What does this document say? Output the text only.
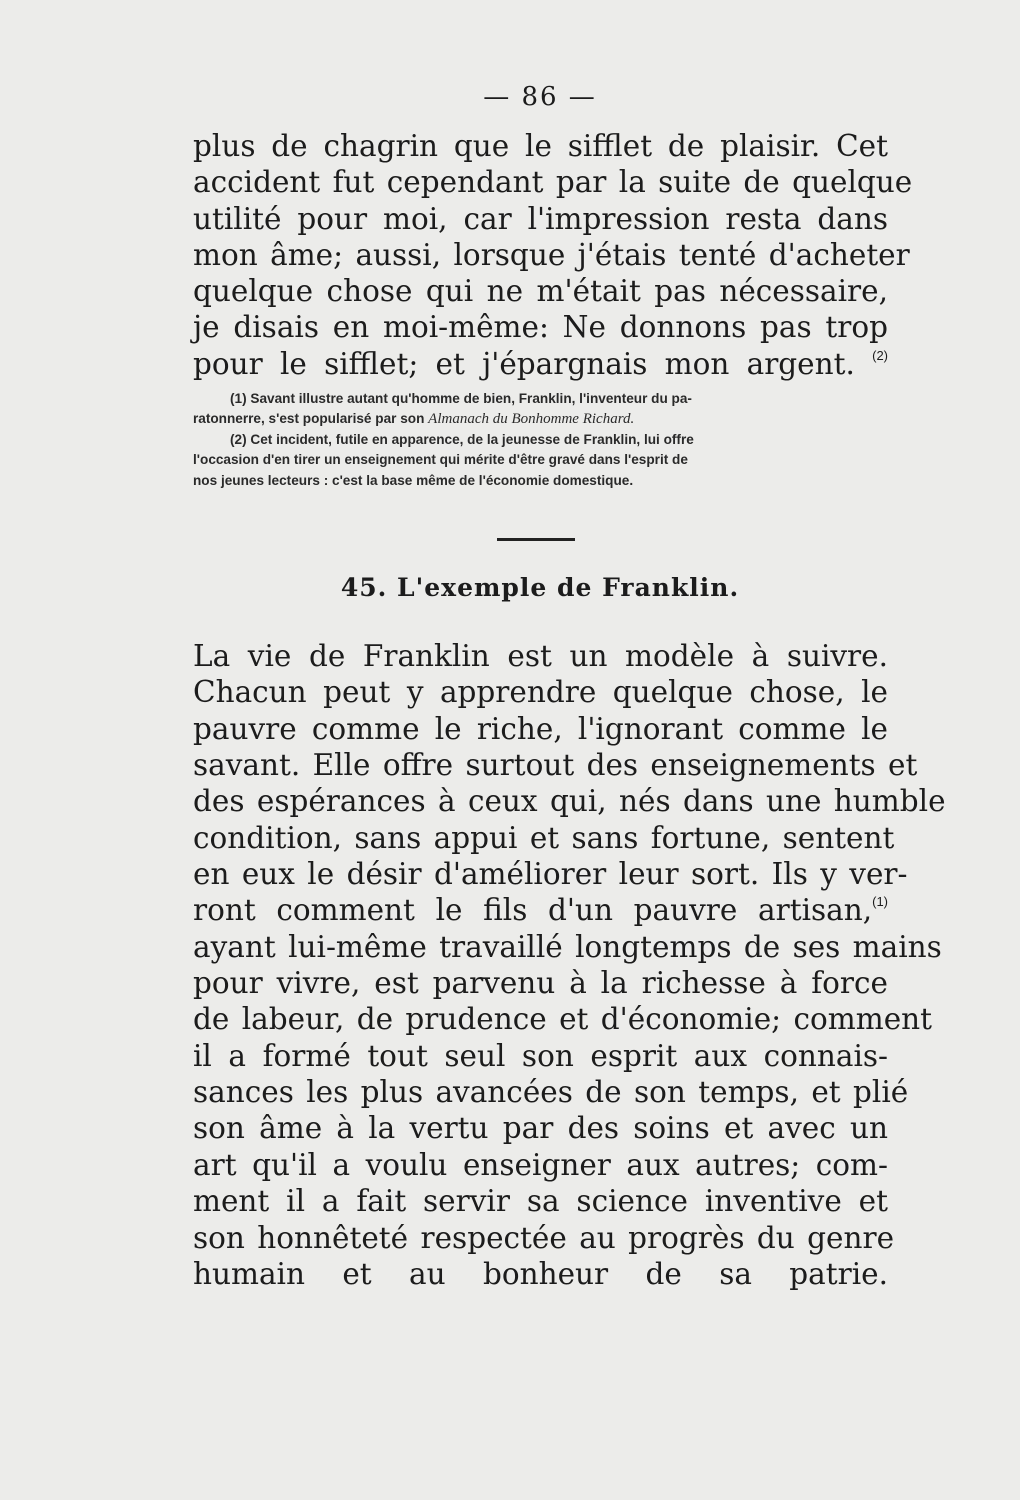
— 86 —
plus de chagrin que le sifflet de plaisir. Cet
accident fut cependant par la suite de quelque
utilité pour moi, car l'impression resta dans
mon âme; aussi, lorsque j'étais tenté d'acheter
quelque chose qui ne m'était pas nécessaire,
je disais en moi-même: Ne donnons pas trop
pour le sifflet; et j'épargnais mon argent. $^{(2)}$
(1) Savant illustre autant qu'homme de bien, Franklin, l'inventeur du pa-
ratonnerre, s'est popularisé par son Almanach du Bonhomme Richard.
(2) Cet incident, futile en apparence, de la jeunesse de Franklin, lui offre
l'occasion d'en tirer un enseignement qui mérite d'être gravé dans l'esprit de
nos jeunes lecteurs : c'est la base même de l'économie domestique.
45. L'exemple de Franklin.
La vie de Franklin est un modèle à suivre.
Chacun peut y apprendre quelque chose, le
pauvre comme le riche, l'ignorant comme le
savant. Elle offre surtout des enseignements et
des espérances à ceux qui, nés dans une humble
condition, sans appui et sans fortune, sentent
en eux le désir d'améliorer leur sort. Ils y ver-
ront comment le fils d'un pauvre artisan,$^{(1)}$
ayant lui-même travaillé longtemps de ses mains
pour vivre, est parvenu à la richesse à force
de labeur, de prudence et d'économie; comment
il a formé tout seul son esprit aux connais-
sances les plus avancées de son temps, et plié
son âme à la vertu par des soins et avec un
art qu'il a voulu enseigner aux autres; com-
ment il a fait servir sa science inventive et
son honnêteté respectée au progrès du genre
humain et au bonheur de sa patrie.
